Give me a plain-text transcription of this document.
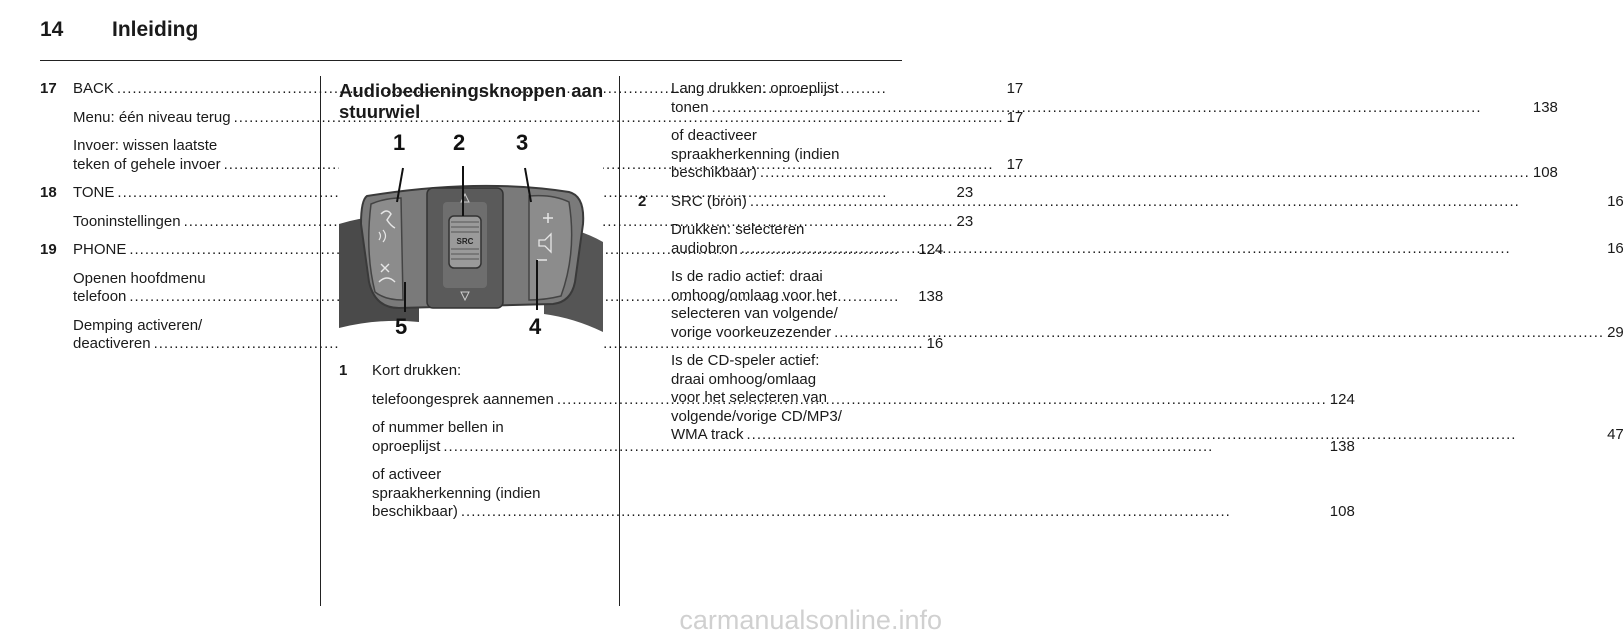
14 Inleiding
17	BACK .....	17
Menu: één niveau terug .....	17
Invoer: wissen laatste
teken of gehele invoer .....	17
18	TONE .....	23
Tooninstellingen .....	23
19	PHONE .....	124
Openen hoofdmenu
telefoon .....	138
Demping activeren/
deactiveren .....	16
Audiobedieningsknoppen aan
stuurwiel
SRC
1 2 3
4
5
1	Kort drukken:
telefoongesprek aannemen .....	124
of nummer bellen in
oproeplijst .....	138
of activeer
spraakherkenning (indien
beschikbaar) .....	108
Lang drukken: oproeplijst
tonen .....	138
of deactiveer
spraakherkenning (indien
beschikbaar) .....	108
2	SRC (bron) .....	16
Drukken: selecteren
audiobron .....	16
Is de radio actief: draai
omhoog/omlaag voor het
selecteren van volgende/
vorige voorkeuzezender .....	29
Is de CD-speler actief:
draai omhoog/omlaag
voor het selecteren van
volgende/vorige CD/MP3/
WMA track .....	47
carmanualsonline.info
